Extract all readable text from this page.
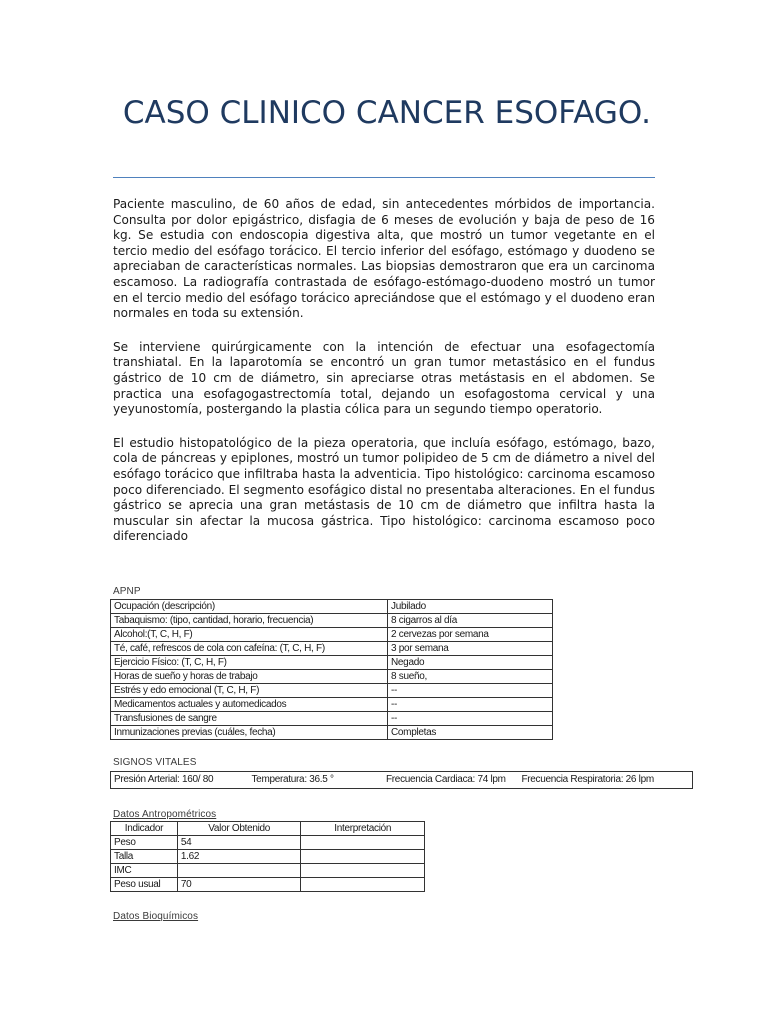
CASO CLINICO CANCER ESOFAGO.

Paciente masculino, de 60 años de edad, sin antecedentes mórbidos de importancia. Consulta por dolor epigástrico, disfagia de 6 meses de evolución y baja de peso de 16 kg. Se estudia con endoscopia digestiva alta, que mostró un tumor vegetante en el tercio medio del esófago torácico. El tercio inferior del esófago, estómago y duodeno se apreciaban de características normales. Las biopsias demostraron que era un carcinoma escamoso. La radiografía contrastada de esófago-estómago-duodeno mostró un tumor en el tercio medio del esófago torácico apreciándose que el estómago y el duodeno eran normales en toda su extensión.

Se interviene quirúrgicamente con la intención de efectuar una esofagectomía transhiatal. En la laparotomía se encontró un gran tumor metastásico en el fundus gástrico de 10 cm de diámetro, sin apreciarse otras metástasis en el abdomen. Se practica una esofagogastrectomía total, dejando un esofagostoma cervical y una yeyunostomía, postergando la plastia cólica para un segundo tiempo operatorio.

El estudio histopatológico de la pieza operatoria, que incluía esófago, estómago, bazo, cola de páncreas y epiplones, mostró un tumor polipideo de 5 cm de diámetro a nivel del esófago torácico que infiltraba hasta la adventicia. Tipo histológico: carcinoma escamoso poco diferenciado. El segmento esofágico distal no presentaba alteraciones. En el fundus gástrico se aprecia una gran metástasis de 10 cm de diámetro que infiltra hasta la muscular sin afectar la mucosa gástrica. Tipo histológico: carcinoma escamoso poco diferenciado

APNP
Ocupación (descripción)	Jubilado
Tabaquismo: (tipo, cantidad, horario, frecuencia)	8 cigarros al día
Alcohol:(T, C, H, F)	2 cervezas por semana
Té, café, refrescos de cola con cafeína: (T, C, H, F)	3 por semana
Ejercicio Físico: (T, C, H, F)	Negado
Horas de sueño y horas de trabajo	8 sueño,
Estrés y edo emocional (T, C, H, F)	--
Medicamentos actuales y automedicados	--
Transfusiones de sangre	--
Inmunizaciones previas (cuáles, fecha)	Completas
SIGNOS VITALES
Presión Arterial: 160/ 80	Temperatura: 36.5 °	Frecuencia Cardiaca: 74 lpm Frecuencia Respiratoria: 26 lpm
Datos Antropométricos
Indicador	Valor Obtenido	Interpretación
Peso	54	
Talla	1.62	
IMC		
Peso usual	70	
Datos Bioquímicos
